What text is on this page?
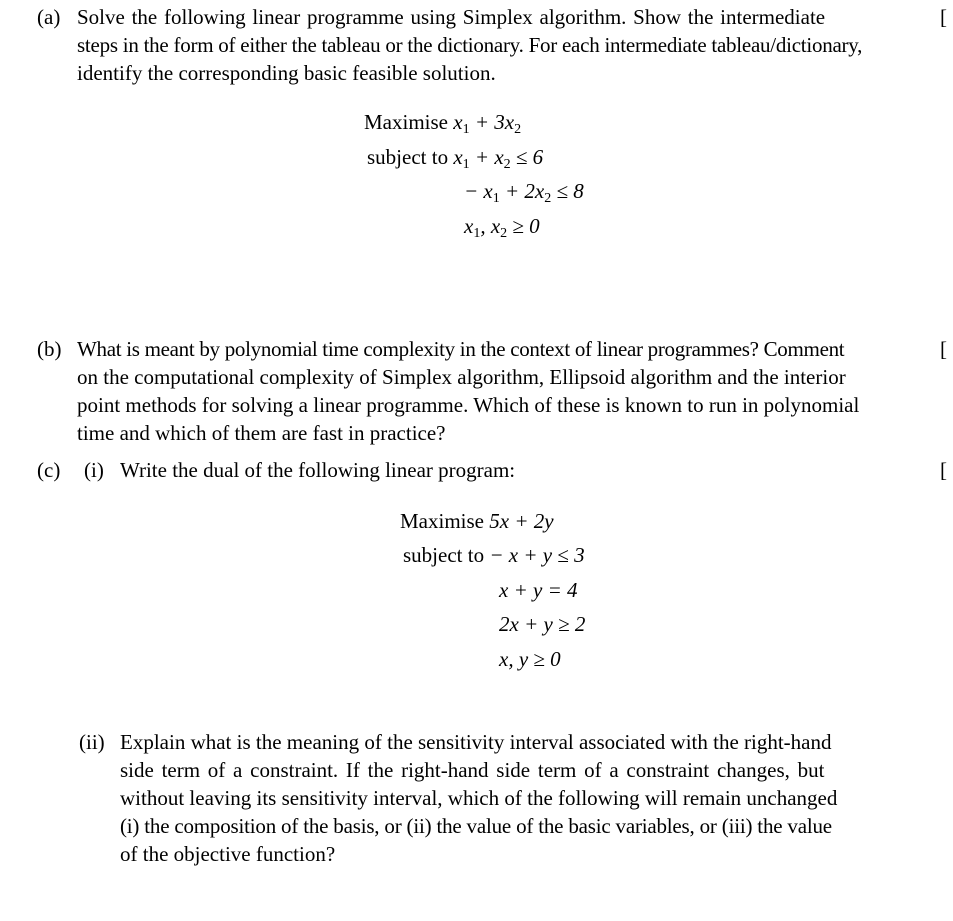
(a) Solve the following linear programme using Simplex algorithm. Show the intermediate
steps in the form of either the tableau or the dictionary. For each intermediate tableau/dictionary,
identify the corresponding basic feasible solution.
[
Maximise $x_1 + 3x_2$
subject to $x_1 + x_2 \le 6$
− $x_1 + 2x_2 \le 8$
$x_1$, $x_2 \ge 0$
(b) What is meant by polynomial time complexity in the context of linear programmes? Comment
on the computational complexity of Simplex algorithm, Ellipsoid algorithm and the interior
point methods for solving a linear programme. Which of these is known to run in polynomial
time and which of them are fast in practice?
[
(c) (i) Write the dual of the following linear program:	[
Maximise 5x + 2y
subject to − x + y ≤ 3
x + y = 4
2x + y ≥ 2
x, y ≥ 0
(ii) Explain what is the meaning of the sensitivity interval associated with the right-hand
side term of a constraint. If the right-hand side term of a constraint changes, but
without leaving its sensitivity interval, which of the following will remain unchanged
(i) the composition of the basis, or (ii) the value of the basic variables, or (iii) the value
of the objective function?
